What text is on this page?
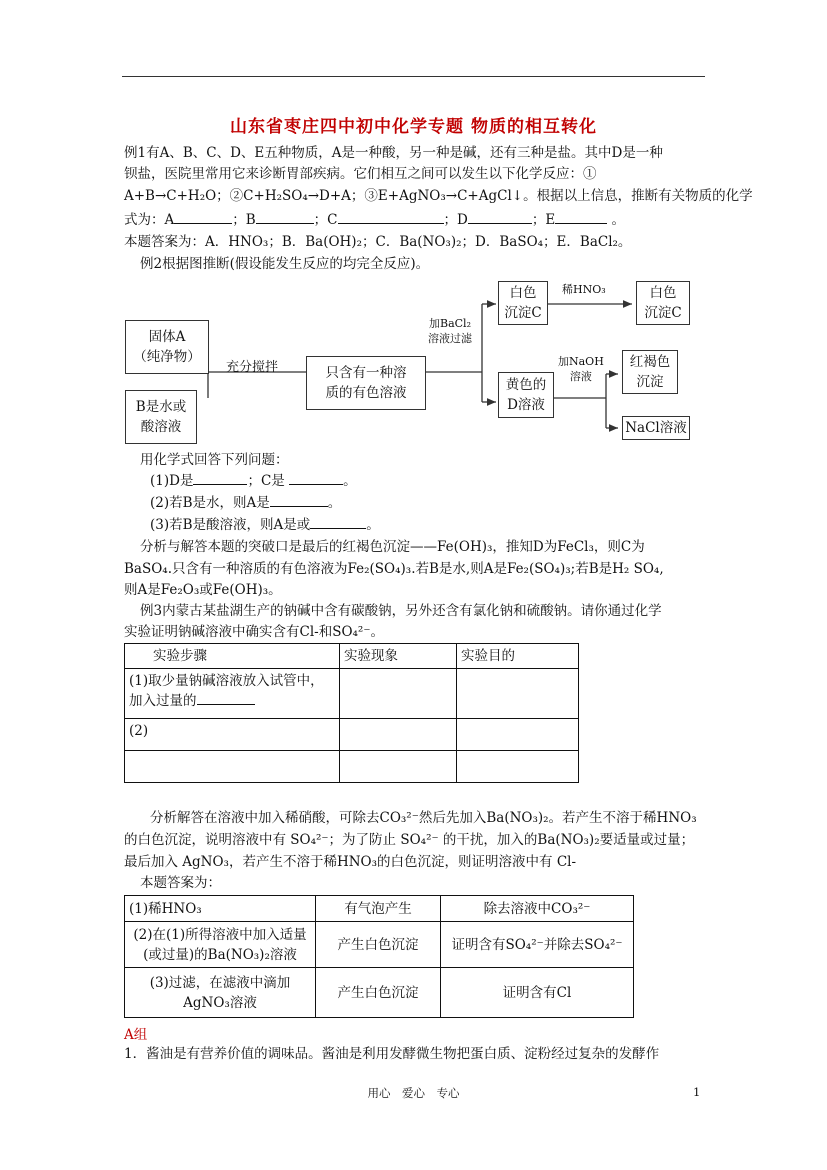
山东省枣庄四中初中化学专题 物质的相互转化
例1有A、B、C、D、E五种物质，A是一种酸，另一种是碱，还有三种是盐。其中D是一种
钡盐，医院里常用它来诊断胃部疾病。它们相互之间可以发生以下化学反应：①
A+B→C+H₂O；②C+H₂SO₄→D+A；③E+AgNO₃→C+AgCl↓。根据以上信息，推断有关物质的化学
式为：A	；B	；C	；D	；E	。
本题答案为：A．HNO₃；B．Ba(OH)₂；C．Ba(NO₃)₂；D．BaSO₄；E．BaCl₂。
例2根据图推断(假设能发生反应的均完全反应)。
固体A
（纯净物）
B是水或
酸溶液
充分搅拌	只含有一种溶
质的有色溶液
加BaCl₂
溶液过滤
白色
沉淀C
稀HNO₃	白色
沉淀C
黄色的
D溶液
加NaOH
溶液
红褐色
沉淀
NaCl溶液
用化学式回答下列问题：
(1)D是	；C是	。
(2)若B是水，则A是	。
(3)若B是酸溶液，则A是或	。
分析与解答本题的突破口是最后的红褐色沉淀——Fe(OH)₃，推知D为FeCl₃，则C为
BaSO₄.只含有一种溶质的有色溶液为Fe₂(SO₄)₃.若B是水,则A是Fe₂(SO₄)₃;若B是H₂ SO₄,
则A是Fe₂O₃或Fe(OH)₃。
例3内蒙古某盐湖生产的钠碱中含有碳酸钠，另外还含有氯化钠和硫酸钠。请你通过化学
实验证明钠碱溶液中确实含有Cl-和SO₄²⁻。
实验步骤	实验现象	实验目的
(1)取少量钠碱溶液放入试管中，加入过量的		
(2)		

分析解答在溶液中加入稀硝酸，可除去CO₃²⁻然后先加入Ba(NO₃)₂。若产生不溶于稀HNO₃
的白色沉淀，说明溶液中有 SO₄²⁻；为了防止 SO₄²⁻ 的干扰，加入的Ba(NO₃)₂要适量或过量；
最后加入 AgNO₃，若产生不溶于稀HNO₃的白色沉淀，则证明溶液中有 Cl-
本题答案为：
(1)稀HNO₃	有气泡产生	除去溶液中CO₃²⁻
(2)在(1)所得溶液中加入适量(或过量)的Ba(NO₃)₂溶液	产生白色沉淀	证明含有SO₄²⁻并除去SO₄²⁻
(3)过滤，在滤液中滴加AgNO₃溶液	产生白色沉淀	证明含有Cl
A组
1．酱油是有营养价值的调味品。酱油是利用发酵微生物把蛋白质、淀粉经过复杂的发酵作
用心　爱心　专心	1
